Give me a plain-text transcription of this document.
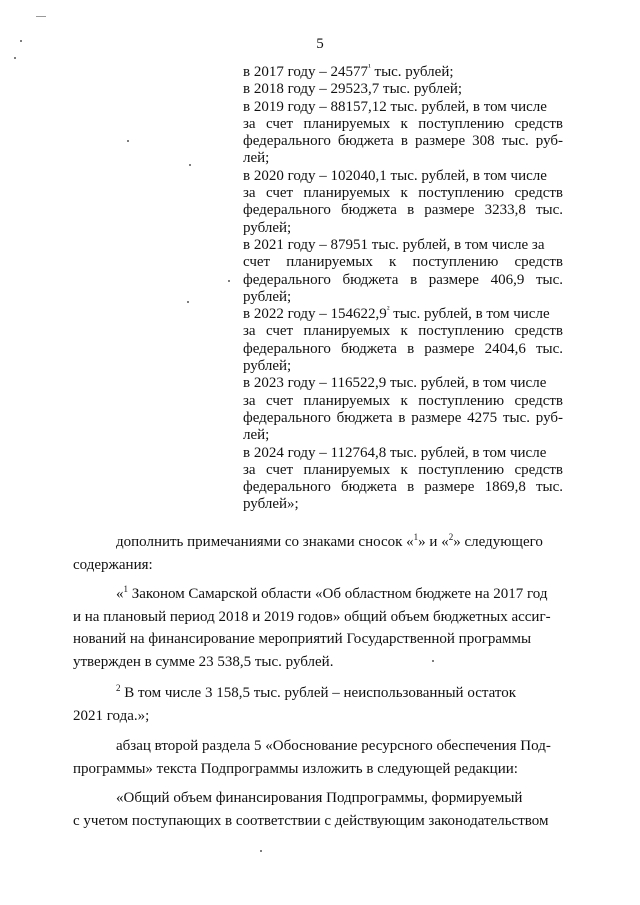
5
в 2017 году – $24577^{^1}$ тыс. рублей;
в 2018 году – 29523,7 тыс. рублей;
в 2019 году – 88157,12 тыс. рублей, в том числе
за счет планируемых к поступлению средств
федерального бюджета в размере 308 тыс. руб-
лей;
в 2020 году – 102040,1 тыс. рублей, в том числе
за счет планируемых к поступлению средств
федерального бюджета в размере 3233,8 тыс.
рублей;
в 2021 году – 87951 тыс. рублей, в том числе за
счет планируемых к поступлению средств
федерального бюджета в размере 406,9 тыс.
рублей;
в 2022 году – $154622,9^{^2}$ тыс. рублей, в том числе
за счет планируемых к поступлению средств
федерального бюджета в размере 2404,6 тыс.
рублей;
в 2023 году – 116522,9 тыс. рублей, в том числе
за счет планируемых к поступлению средств
федерального бюджета в размере 4275 тыс. руб-
лей;
в 2024 году – 112764,8 тыс. рублей, в том числе
за счет планируемых к поступлению средств
федерального бюджета в размере 1869,8 тыс.
рублей»;
дополнить примечаниями со знаками сносок «$^1$» и «$^2$» следующего
содержания:
«$^1$ Законом Самарской области «Об областном бюджете на 2017 год
и на плановый период 2018 и 2019 годов» общий объем бюджетных ассиг-
нований на финансирование мероприятий Государственной программы
утвержден в сумме 23 538,5 тыс. рублей.
$^2$ В том числе 3 158,5 тыс. рублей – неиспользованный остаток
2021 года.»;
абзац второй раздела 5 «Обоснование ресурсного обеспечения Под-
программы» текста Подпрограммы изложить в следующей редакции:
«Общий объем финансирования Подпрограммы, формируемый
с учетом поступающих в соответствии с действующим законодательством
